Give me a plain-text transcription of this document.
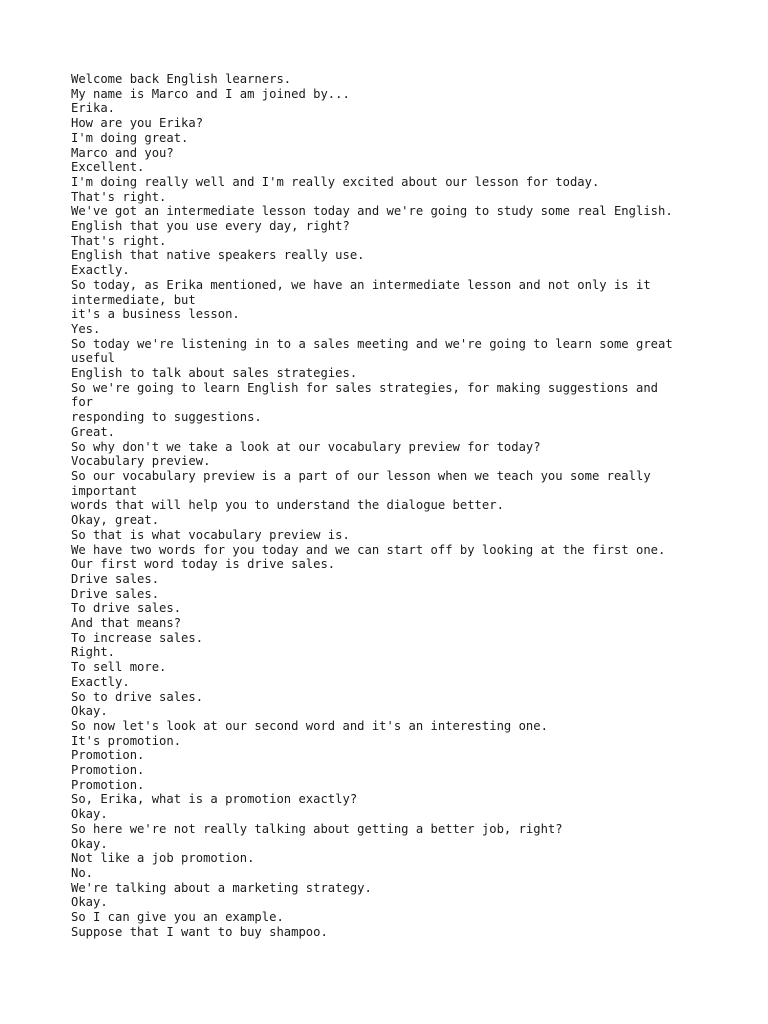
Welcome back English learners.
My name is Marco and I am joined by...
Erika.
How are you Erika?
I'm doing great.
Marco and you?
Excellent.
I'm doing really well and I'm really excited about our lesson for today.
That's right.
We've got an intermediate lesson today and we're going to study some real English.
English that you use every day, right?
That's right.
English that native speakers really use.
Exactly.
So today, as Erika mentioned, we have an intermediate lesson and not only is it
intermediate, but
it's a business lesson.
Yes.
So today we're listening in to a sales meeting and we're going to learn some great
useful
English to talk about sales strategies.
So we're going to learn English for sales strategies, for making suggestions and
for
responding to suggestions.
Great.
So why don't we take a look at our vocabulary preview for today?
Vocabulary preview.
So our vocabulary preview is a part of our lesson when we teach you some really
important
words that will help you to understand the dialogue better.
Okay, great.
So that is what vocabulary preview is.
We have two words for you today and we can start off by looking at the first one.
Our first word today is drive sales.
Drive sales.
Drive sales.
To drive sales.
And that means?
To increase sales.
Right.
To sell more.
Exactly.
So to drive sales.
Okay.
So now let's look at our second word and it's an interesting one.
It's promotion.
Promotion.
Promotion.
Promotion.
So, Erika, what is a promotion exactly?
Okay.
So here we're not really talking about getting a better job, right?
Okay.
Not like a job promotion.
No.
We're talking about a marketing strategy.
Okay.
So I can give you an example.
Suppose that I want to buy shampoo.
